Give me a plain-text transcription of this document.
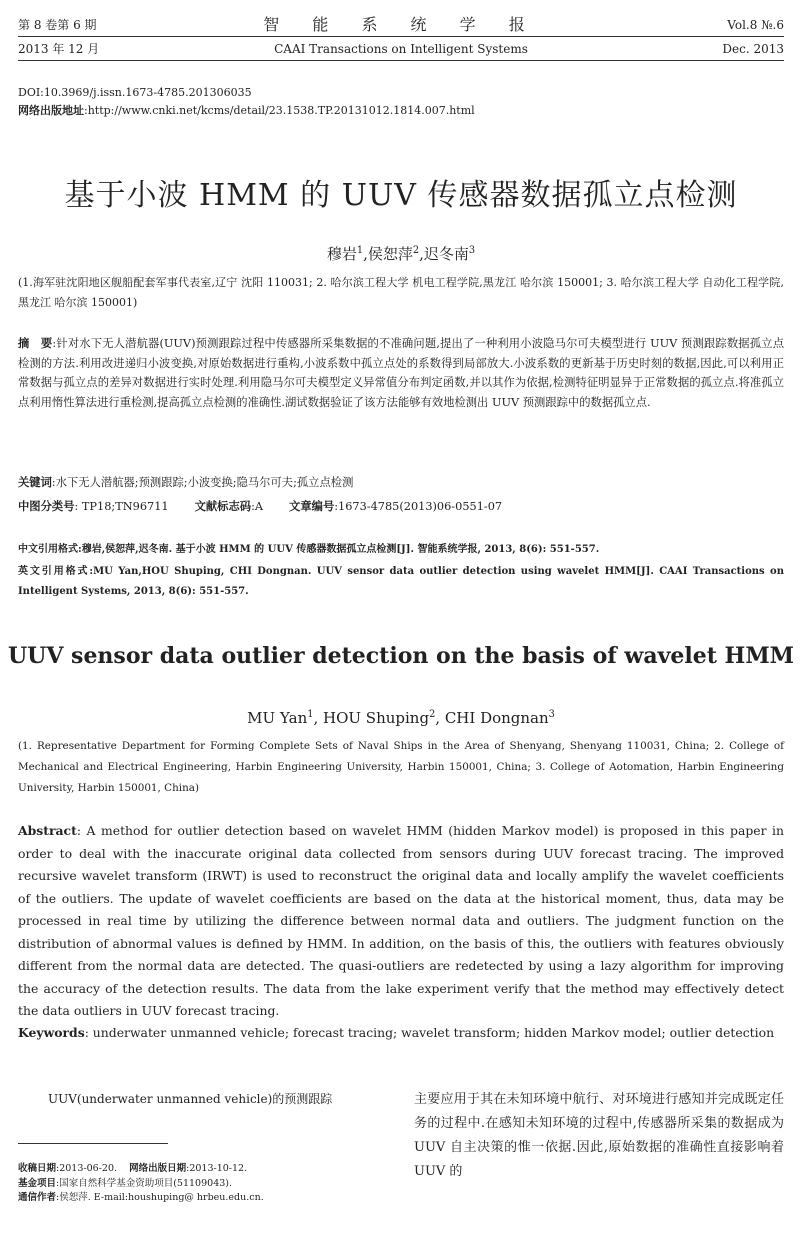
第 8 卷第 6 期	智 能 系 统 学 报	Vol.8 №.6
2013 年 12 月	CAAI Transactions on Intelligent Systems	Dec. 2013
DOI:10.3969/j.issn.1673-4785.201306035
网络出版地址:http://www.cnki.net/kcms/detail/23.1538.TP.20131012.1814.007.html
基于小波 HMM 的 UUV 传感器数据孤立点检测
穆岩$^1$,侯恕萍$^2$,迟冬南$^3$
(1.海军驻沈阳地区舰船配套军事代表室,辽宁 沈阳 110031; 2. 哈尔滨工程大学 机电工程学院,黑龙江 哈尔滨 150001; 3. 哈尔滨工程大学 自动化工程学院,黑龙江 哈尔滨 150001)
摘　要:针对水下无人潜航器(UUV)预测跟踪过程中传感器所采集数据的不准确问题,提出了一种利用小波隐马尔可夫模型进行 UUV 预测跟踪数据孤立点检测的方法.利用改进递归小波变换,对原始数据进行重构,小波系数中孤立点处的系数得到局部放大.小波系数的更新基于历史时刻的数据,因此,可以利用正常数据与孤立点的差异对数据进行实时处理.利用隐马尔可夫模型定义异常值分布判定函数,并以其作为依据,检测特征明显异于正常数据的孤立点.将准孤立点利用惰性算法进行重检测,提高孤立点检测的准确性.湖试数据验证了该方法能够有效地检测出 UUV 预测跟踪中的数据孤立点.
关键词:水下无人潜航器;预测跟踪;小波变换;隐马尔可夫;孤立点检测
中图分类号: TP18;TN96711 文献标志码:A 文章编号:1673-4785(2013)06-0551-07
中文引用格式:穆岩,侯恕萍,迟冬南. 基于小波 HMM 的 UUV 传感器数据孤立点检测[J]. 智能系统学报, 2013, 8(6): 551-557.
英文引用格式:MU Yan,HOU Shuping, CHI Dongnan. UUV sensor data outlier detection using wavelet HMM[J]. CAAI Transactions on Intelligent Systems, 2013, 8(6): 551-557.
UUV sensor data outlier detection on the basis of wavelet HMM
MU Yan$^1$, HOU Shuping$^2$, CHI Dongnan$^3$
(1. Representative Department for Forming Complete Sets of Naval Ships in the Area of Shenyang, Shenyang 110031, China; 2. College of Mechanical and Electrical Engineering, Harbin Engineering University, Harbin 150001, China; 3. College of Aotomation, Harbin Engineering University, Harbin 150001, China)
Abstract: A method for outlier detection based on wavelet HMM (hidden Markov model) is proposed in this paper in order to deal with the inaccurate original data collected from sensors during UUV forecast tracing. The improved recursive wavelet transform (IRWT) is used to reconstruct the original data and locally amplify the wavelet coefficients of the outliers. The update of wavelet coefficients are based on the data at the historical moment, thus, data may be processed in real time by utilizing the difference between normal data and outliers. The judgment function on the distribution of abnormal values is defined by HMM. In addition, on the basis of this, the outliers with features obviously different from the normal data are detected. The quasi-outliers are redetected by using a lazy algorithm for improving the accuracy of the detection results. The data from the lake experiment verify that the method may effectively detect the data outliers in UUV forecast tracing.
Keywords: underwater unmanned vehicle; forecast tracing; wavelet transform; hidden Markov model; outlier detection
UUV(underwater unmanned vehicle)的预测跟踪
收稿日期:2013-06-20. 网络出版日期:2013-10-12.
基金项目:国家自然科学基金资助项目(51109043).
通信作者:侯恕萍. E-mail:houshuping@ hrbeu.edu.cn.
主要应用于其在未知环境中航行、对环境进行感知并完成既定任务的过程中.在感知未知环境的过程中,传感器所采集的数据成为 UUV 自主决策的惟一依据.因此,原始数据的准确性直接影响着 UUV 的
